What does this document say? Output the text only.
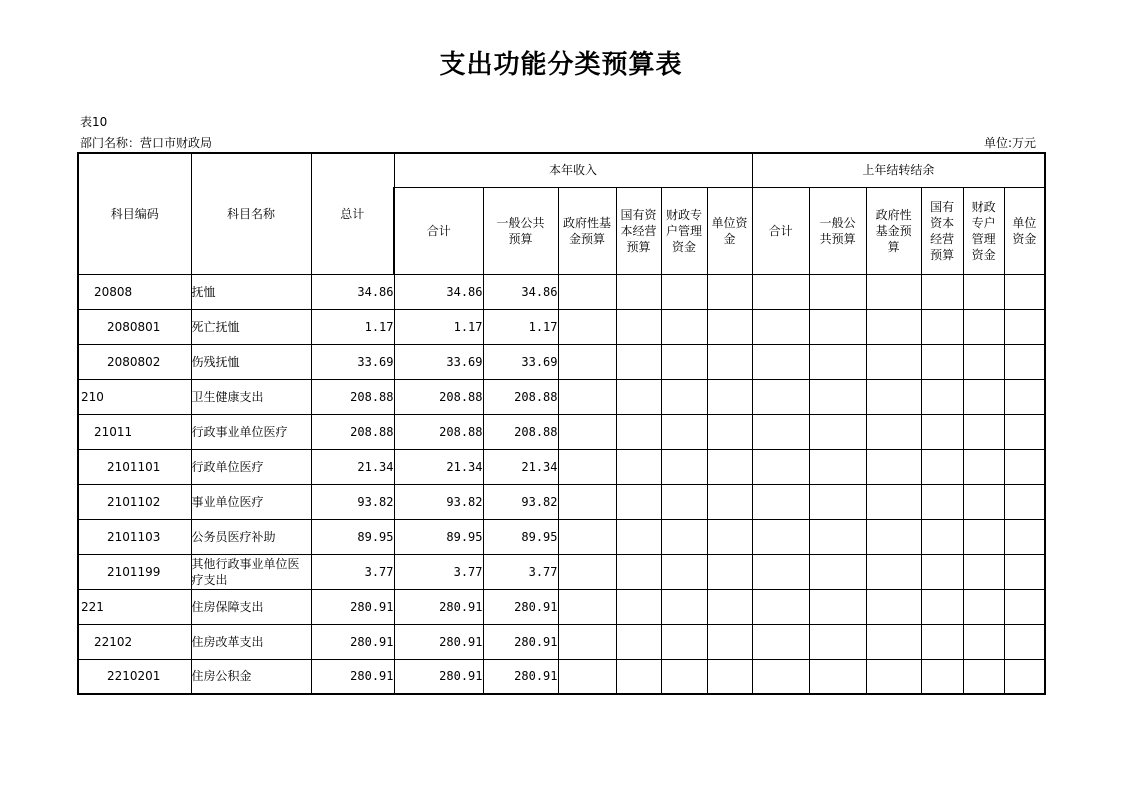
支出功能分类预算表
表10
部门名称：营口市财政局	单位:万元
科目编码	科目名称	总计	本年收入						上年结转结余					
			合计	一般公共预算	政府性基金预算	国有资本经营预算	财政专户管理资金	单位资金	合计	一般公共预算	政府性基金预算	国有资本经营预算	财政专户管理资金	单位资金
20808	抚恤	34.86	34.86	34.86										
2080801	死亡抚恤	1.17	1.17	1.17										
2080802	伤残抚恤	33.69	33.69	33.69										
210	卫生健康支出	208.88	208.88	208.88										
21011	行政事业单位医疗	208.88	208.88	208.88										
2101101	行政单位医疗	21.34	21.34	21.34										
2101102	事业单位医疗	93.82	93.82	93.82										
2101103	公务员医疗补助	89.95	89.95	89.95										
2101199	其他行政事业单位医疗支出	3.77	3.77	3.77										
221	住房保障支出	280.91	280.91	280.91										
22102	住房改革支出	280.91	280.91	280.91										
2210201	住房公积金	280.91	280.91	280.91										
